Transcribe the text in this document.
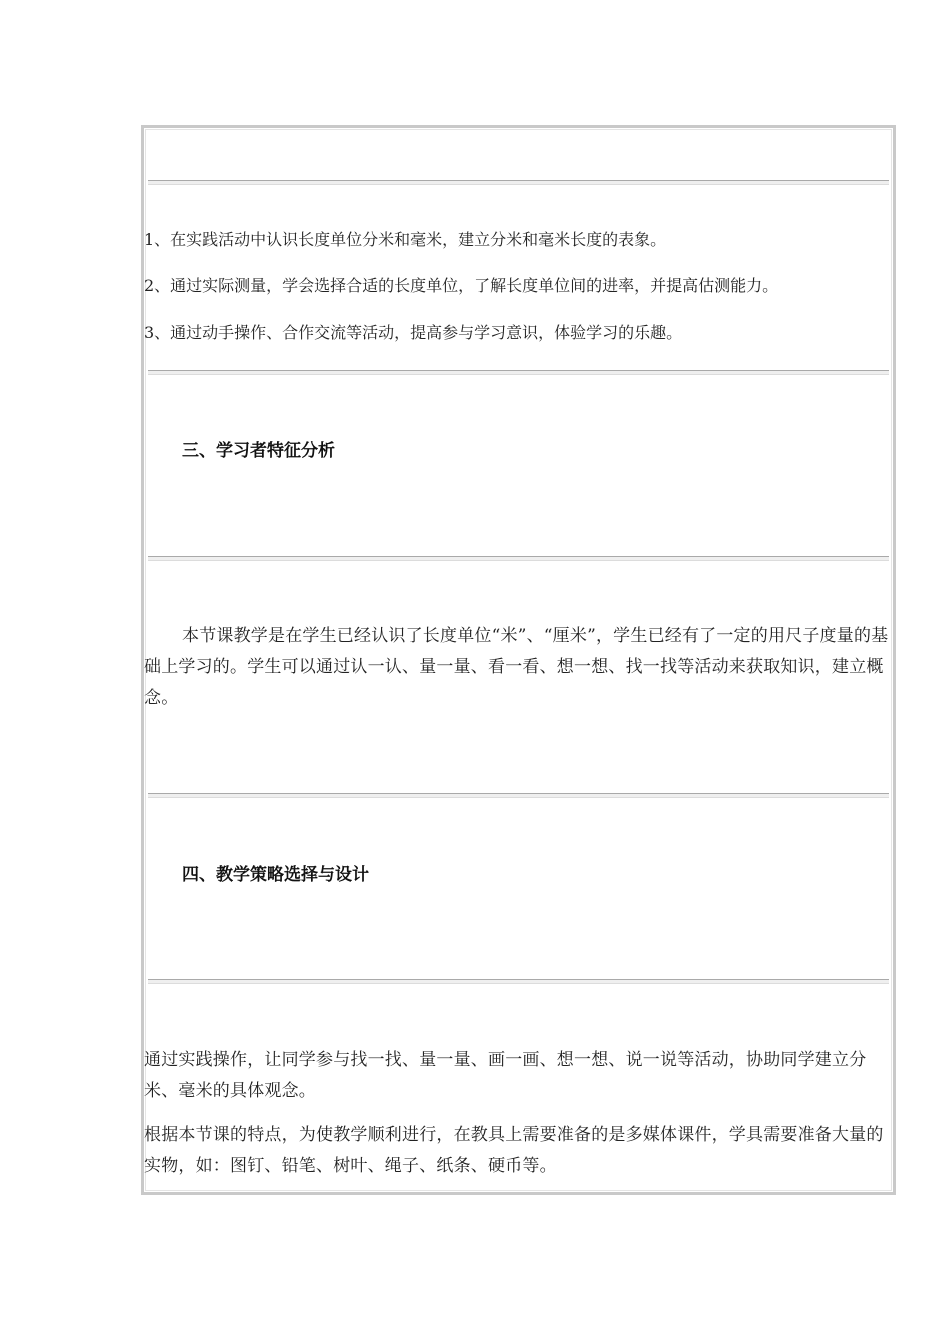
1、在实践活动中认识长度单位分米和毫米，建立分米和毫米长度的表象。
2、通过实际测量，学会选择合适的长度单位，了解长度单位间的进率，并提高估测能力。
3、通过动手操作、合作交流等活动，提高参与学习意识，体验学习的乐趣。
三、学习者特征分析
本节课教学是在学生已经认识了长度单位“米”、“厘米”，学生已经有了一定的用尺子度量的基础上学习的。学生可以通过认一认、量一量、看一看、想一想、找一找等活动来获取知识，建立概念。
四、教学策略选择与设计
通过实践操作，让同学参与找一找、量一量、画一画、想一想、说一说等活动，协助同学建立分米、毫米的具体观念。
根据本节课的特点，为使教学顺利进行，在教具上需要准备的是多媒体课件，学具需要准备大量的实物，如：图钉、铅笔、树叶、绳子、纸条、硬币等。
